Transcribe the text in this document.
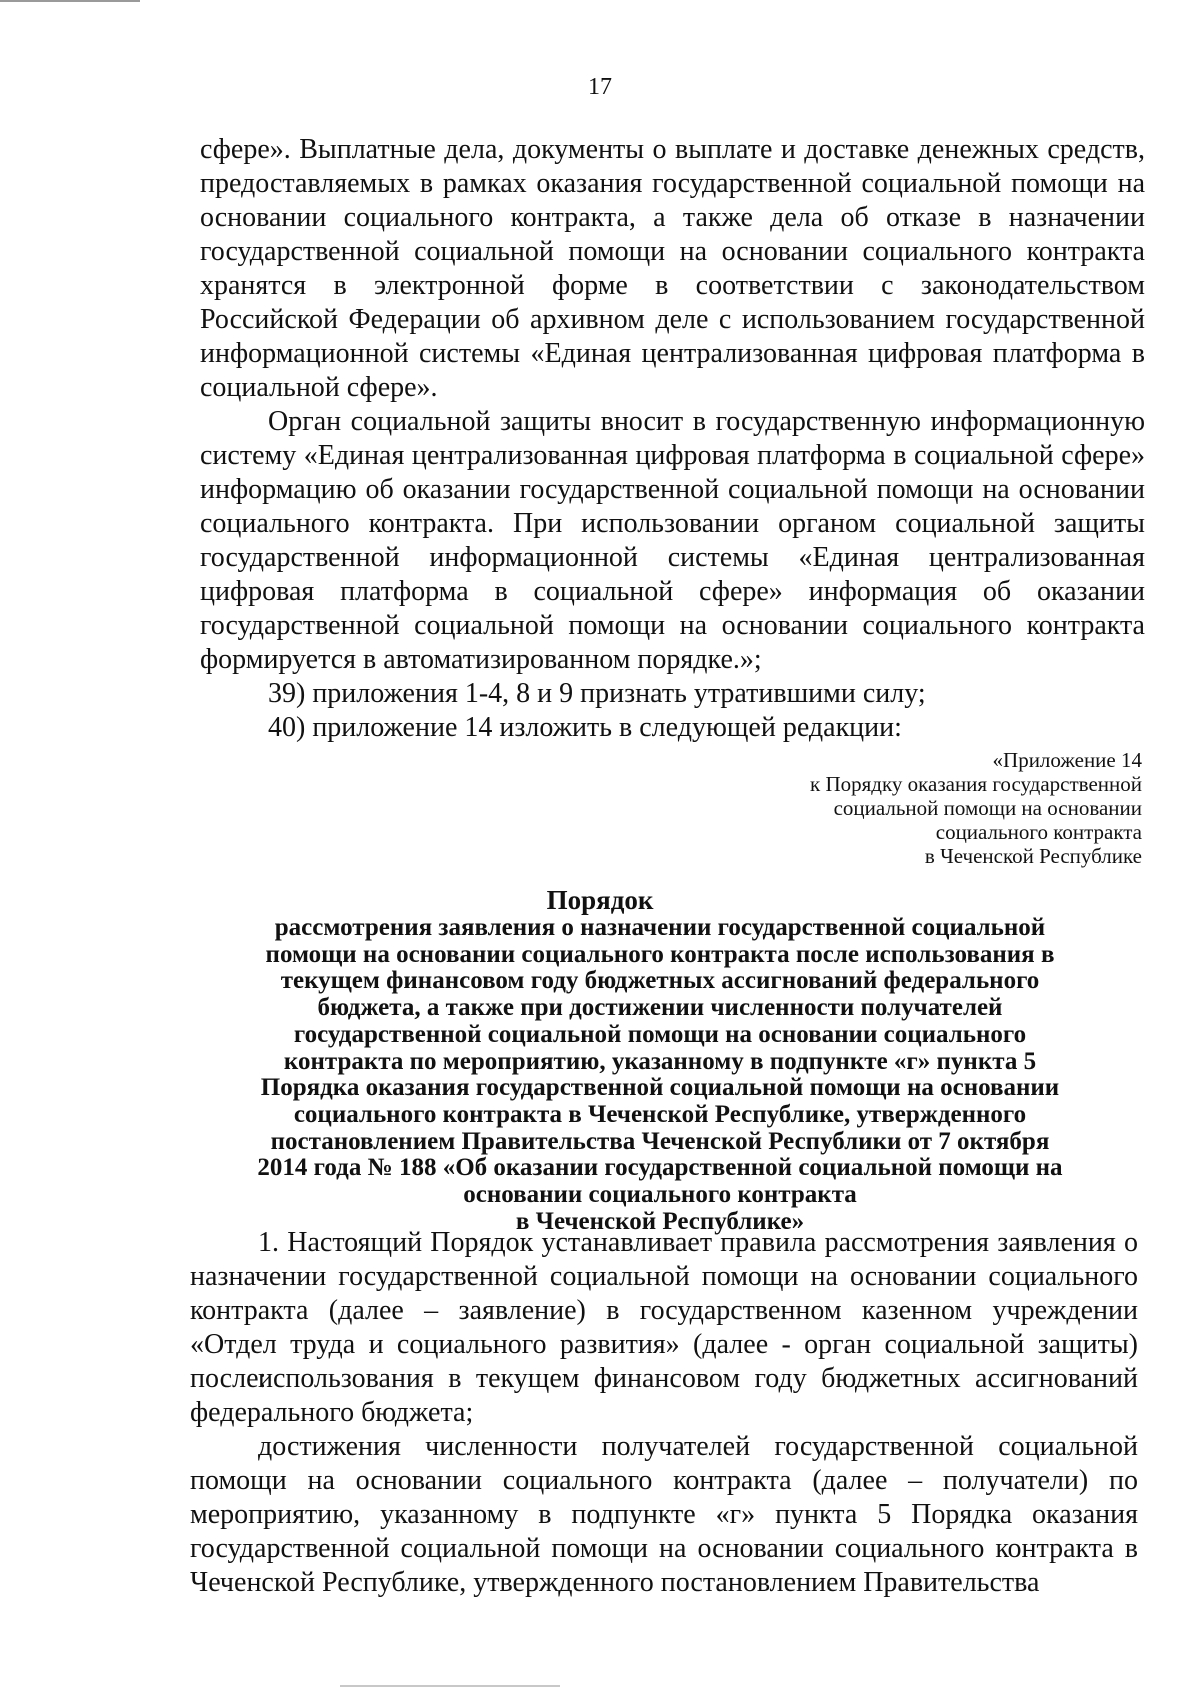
17

сфере». Выплатные дела, документы о выплате и доставке денежных средств, предоставляемых в рамках оказания государственной социальной помощи на основании социального контракта, а также дела об отказе в назначении государственной социальной помощи на основании социального контракта хранятся в электронной форме в соответствии с законодательством Российской Федерации об архивном деле с использованием государственной информационной системы «Единая централизованная цифровая платформа в социальной сфере».

Орган социальной защиты вносит в государственную информационную систему «Единая централизованная цифровая платформа в социальной сфере» информацию об оказании государственной социальной помощи на основании социального контракта. При использовании органом социальной защиты государственной информационной системы «Единая централизованная цифровая платформа в социальной сфере» информация об оказании государственной социальной помощи на основании социального контракта формируется в автоматизированном порядке.»;

39) приложения 1-4, 8 и 9 признать утратившими силу;
40) приложение 14 изложить в следующей редакции:
«Приложение 14
к Порядку оказания государственной
социальной помощи на основании
социального контракта
в Чеченской Республике
Порядок
рассмотрения заявления о назначении государственной социальной
помощи на основании социального контракта после использования в
текущем финансовом году бюджетных ассигнований федерального
бюджета, а также при достижении численности получателей
государственной социальной помощи на основании социального
контракта по мероприятию, указанному в подпункте «г» пункта 5
Порядка оказания государственной социальной помощи на основании
социального контракта в Чеченской Республике, утвержденного
постановлением Правительства Чеченской Республики от 7 октября
2014 года № 188 «Об оказании государственной социальной помощи на
основании социального контракта
в Чеченской Республике»

1. Настоящий Порядок устанавливает правила рассмотрения заявления о назначении государственной социальной помощи на основании социального контракта (далее – заявление) в государственном казенном учреждении «Отдел труда и социального развития» (далее - орган социальной защиты) после:

использования в текущем финансовом году бюджетных ассигнований федерального бюджета;

достижения численности получателей государственной социальной помощи на основании социального контракта (далее – получатели) по мероприятию, указанному в подпункте «г» пункта 5 Порядка оказания государственной социальной помощи на основании социального контракта в Чеченской Республике, утвержденного постановлением Правительства
